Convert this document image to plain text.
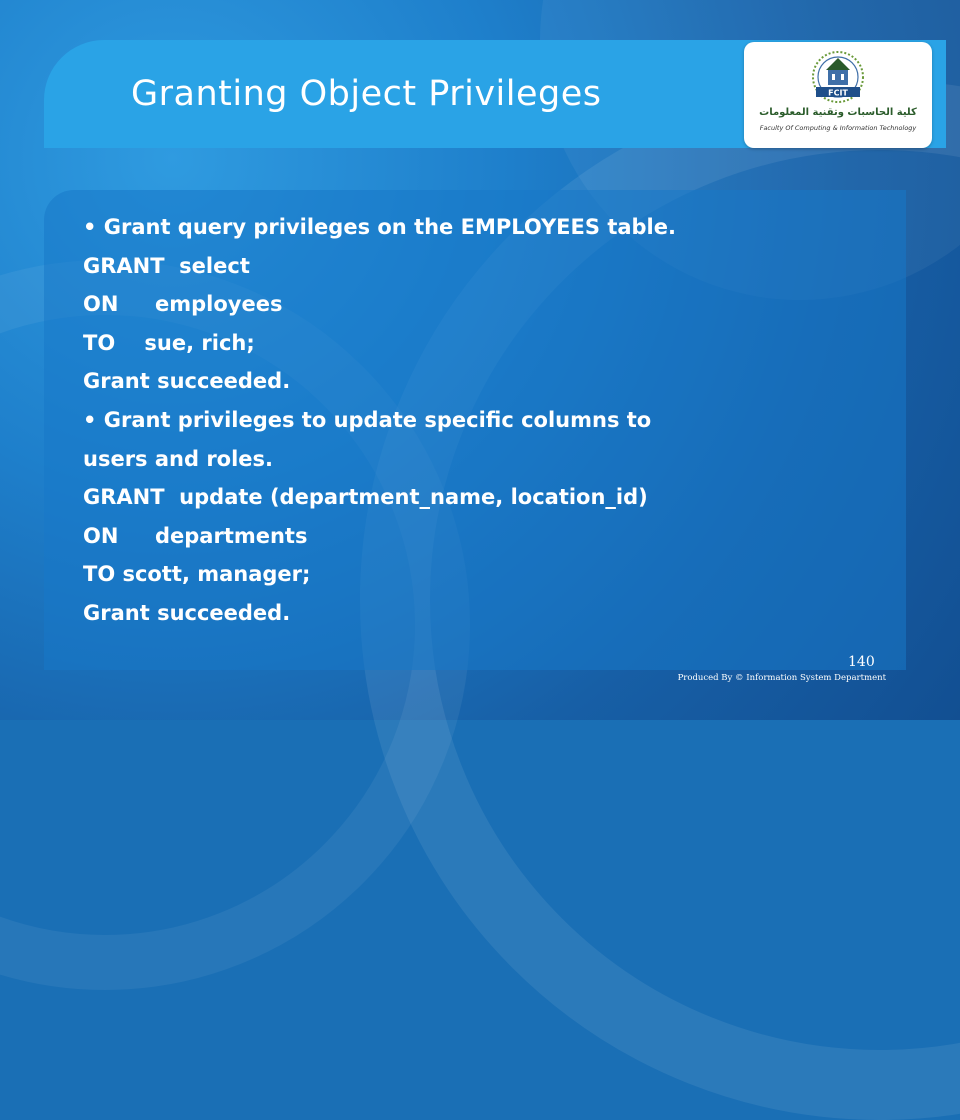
Granting Object Privileges	FCIT
كلية الحاسبات وتقنية المعلومات
Faculty Of Computing & Information Technology
• Grant query privileges on the EMPLOYEES table.
GRANT  select
ON     employees
TO    sue, rich;
Grant succeeded.
• Grant privileges to update specific columns to
users and roles.
GRANT  update (department_name, location_id)
ON     departments
TO scott, manager;
Grant succeeded.
140
Produced By © Information System Department
